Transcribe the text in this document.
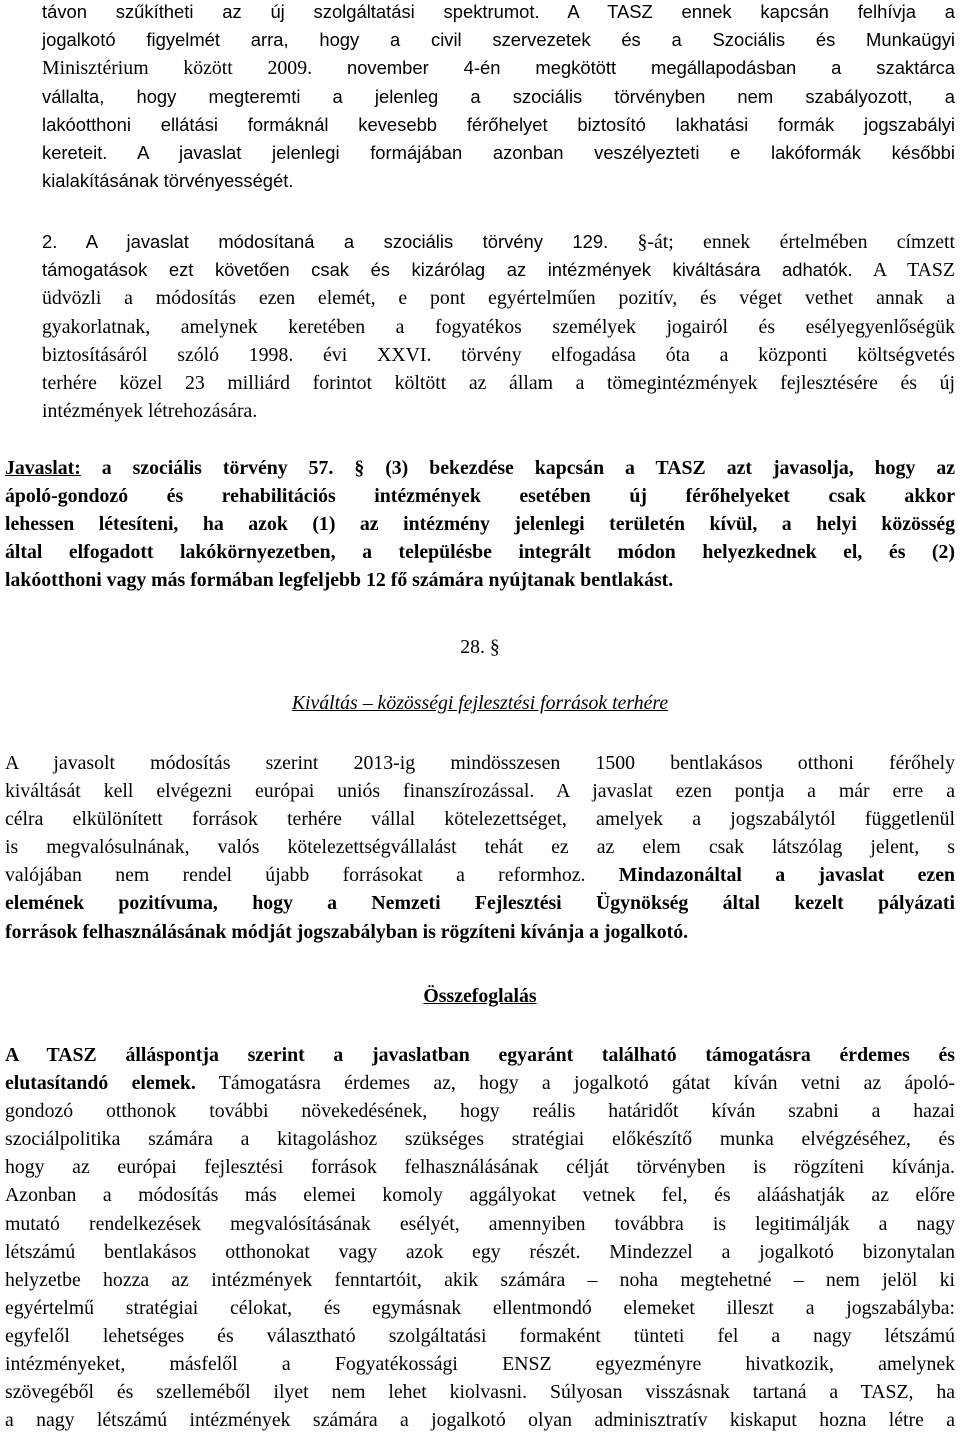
távon szűkítheti az új szolgáltatási spektrumot. A TASZ ennek kapcsán felhívja a

jogalkotó figyelmét arra, hogy a civil szervezetek és a Szociális és Munkaügyi

Minisztérium között 2009. november 4-én megkötött megállapodásban a szaktárca

vállalta, hogy megteremti a jelenleg a szociális törvényben nem szabályozott, a

lakóotthoni ellátási formáknál kevesebb férőhelyet biztosító lakhatási formák jogszabályi

kereteit. A javaslat jelenlegi formájában azonban veszélyezteti e lakóformák későbbi

kialakításának törvényességét.

2. A javaslat módosítaná a szociális törvény 129. §-át; ennek értelmében címzett

támogatások ezt követően csak és kizárólag az intézmények kiváltására adhatók. A TASZ

üdvözli a módosítás ezen elemét, e pont egyértelműen pozitív, és véget vethet annak a

gyakorlatnak, amelynek keretében a fogyatékos személyek jogairól és esélyegyenlőségük

biztosításáról szóló 1998. évi XXVI. törvény elfogadása óta a központi költségvetés

terhére közel 23 milliárd forintot költött az állam a tömegintézmények fejlesztésére és új

intézmények létrehozására.

Javaslat: a szociális törvény 57. § (3) bekezdése kapcsán a TASZ azt javasolja, hogy az

ápoló-gondozó és rehabilitációs intézmények esetében új férőhelyeket csak akkor

lehessen létesíteni, ha azok (1) az intézmény jelenlegi területén kívül, a helyi közösség

által elfogadott lakókörnyezetben, a településbe integrált módon helyezkednek el, és (2)

lakóotthoni vagy más formában legfeljebb 12 fő számára nyújtanak bentlakást.

28. §
Kiváltás – közösségi fejlesztési források terhére

A javasolt módosítás szerint 2013-ig mindösszesen 1500 bentlakásos otthoni férőhely

kiváltását kell elvégezni európai uniós finanszírozással. A javaslat ezen pontja a már erre a

célra elkülönített források terhére vállal kötelezettséget, amelyek a jogszabálytól függetlenül

is megvalósulnának, valós kötelezettségvállalást tehát ez az elem csak látszólag jelent, s

valójában nem rendel újabb forrásokat a reformhoz. Mindazonáltal a javaslat ezen

elemének pozitívuma, hogy a Nemzeti Fejlesztési Ügynökség által kezelt pályázati

források felhasználásának módját jogszabályban is rögzíteni kívánja a jogalkotó.

Összefoglalás

A TASZ álláspontja szerint a javaslatban egyaránt található támogatásra érdemes és

elutasítandó elemek. Támogatásra érdemes az, hogy a jogalkotó gátat kíván vetni az ápoló-

gondozó otthonok további növekedésének, hogy reális határidőt kíván szabni a hazai

szociálpolitika számára a kitagoláshoz szükséges stratégiai előkészítő munka elvégzéséhez, és

hogy az európai fejlesztési források felhasználásának célját törvényben is rögzíteni kívánja.

Azonban a módosítás más elemei komoly aggályokat vetnek fel, és alááshatják az előre

mutató rendelkezések megvalósításának esélyét, amennyiben továbbra is legitimálják a nagy

létszámú bentlakásos otthonokat vagy azok egy részét. Mindezzel a jogalkotó bizonytalan

helyzetbe hozza az intézmények fenntartóit, akik számára – noha megtehetné – nem jelöl ki

egyértelmű stratégiai célokat, és egymásnak ellentmondó elemeket illeszt a jogszabályba:

egyfelől lehetséges és választható szolgáltatási formaként tünteti fel a nagy létszámú

intézményeket, másfelől a Fogyatékossági ENSZ egyezményre hivatkozik, amelynek

szövegéből és szelleméből ilyet nem lehet kiolvasni. Súlyosan visszásnak tartaná a TASZ, ha

a nagy létszámú intézmények számára a jogalkotó olyan adminisztratív kiskaput hozna létre a
